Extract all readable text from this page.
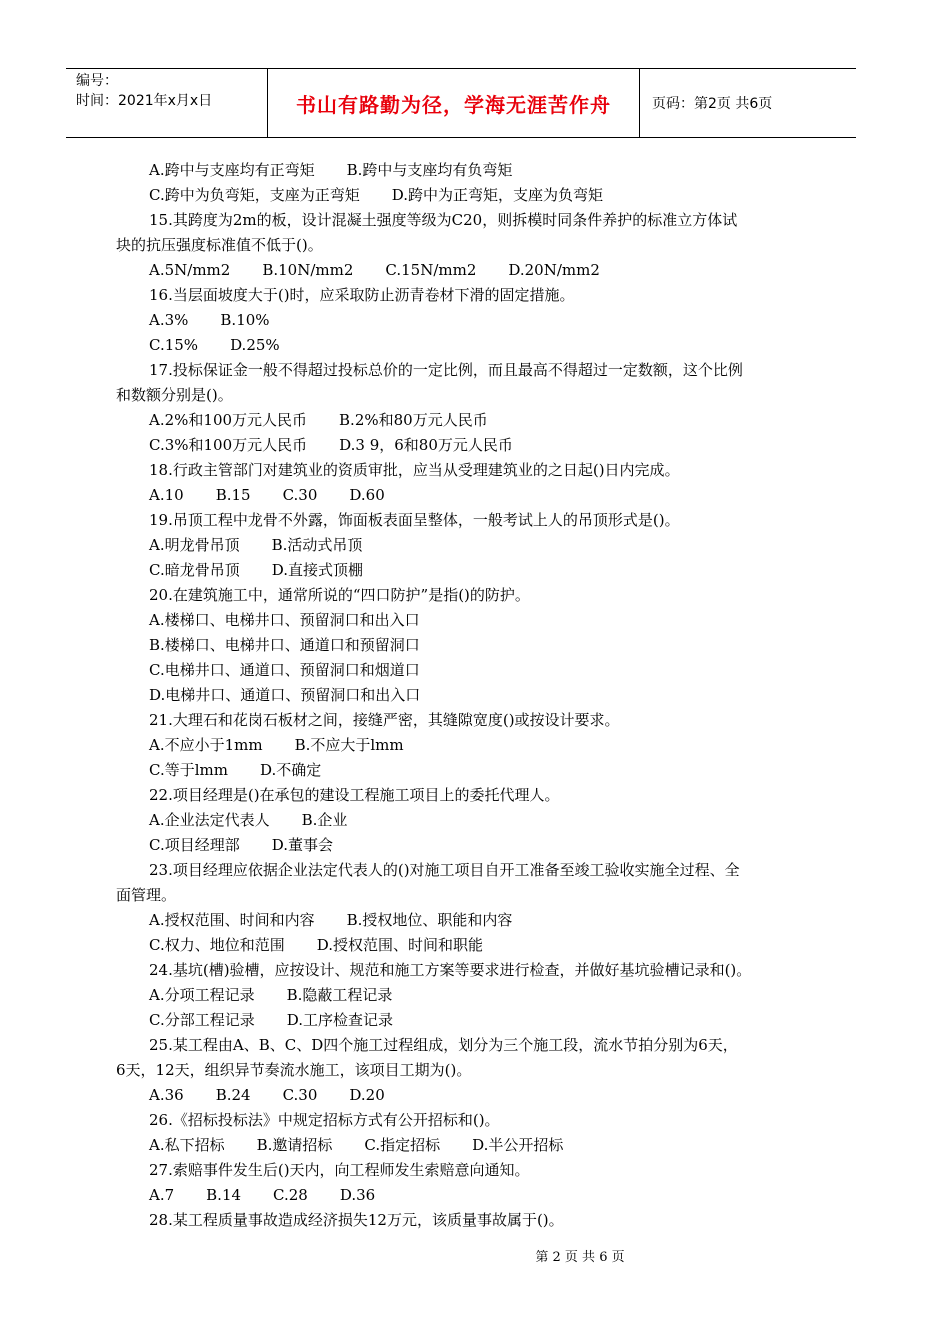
编号：
时间：2021年x月x日	书山有路勤为径，学海无涯苦作舟	页码：第2页 共6页
A.跨中与支座均有正弯矩 B.跨中与支座均有负弯矩
C.跨中为负弯矩，支座为正弯矩 D.跨中为正弯矩，支座为负弯矩
15.其跨度为2m的板，设计混凝土强度等级为C20，则拆模时同条件养护的标准立方体试
块的抗压强度标准值不低于()。
A.5N/mm2 B.10N/mm2 C.15N/mm2 D.20N/mm2
16.当层面坡度大于()时，应采取防止沥青卷材下滑的固定措施。
A.3% B.10%
C.15% D.25%
17.投标保证金一般不得超过投标总价的一定比例，而且最高不得超过一定数额，这个比例
和数额分别是()。
A.2%和100万元人民币 B.2%和80万元人民币
C.3%和100万元人民币 D.3 9，6和80万元人民币
18.行政主管部门对建筑业的资质审批，应当从受理建筑业的之日起()日内完成。
A.10 B.15 C.30 D.60
19.吊顶工程中龙骨不外露，饰面板表面呈整体，一般考试上人的吊顶形式是()。
A.明龙骨吊顶 B.活动式吊顶
C.暗龙骨吊顶 D.直接式顶棚
20.在建筑施工中，通常所说的“四口防护”是指()的防护。
A.楼梯口、电梯井口、预留洞口和出入口
B.楼梯口、电梯井口、通道口和预留洞口
C.电梯井口、通道口、预留洞口和烟道口
D.电梯井口、通道口、预留洞口和出入口
21.大理石和花岗石板材之间，接缝严密，其缝隙宽度()或按设计要求。
A.不应小于1mm B.不应大于lmm
C.等于lmm D.不确定
22.项目经理是()在承包的建设工程施工项目上的委托代理人。
A.企业法定代表人 B.企业
C.项目经理部 D.董事会
23.项目经理应依据企业法定代表人的()对施工项目自开工准备至竣工验收实施全过程、全
面管理。
A.授权范围、时间和内容 B.授权地位、职能和内容
C.权力、地位和范围 D.授权范围、时间和职能
24.基坑(槽)验槽，应按设计、规范和施工方案等要求进行检查，并做好基坑验槽记录和()。
A.分项工程记录 B.隐蔽工程记录
C.分部工程记录 D.工序检查记录
25.某工程由A、B、C、D四个施工过程组成，划分为三个施工段，流水节拍分别为6天，
6天，12天，组织异节奏流水施工，该项目工期为()。
A.36 B.24 C.30 D.20
26.《招标投标法》中规定招标方式有公开招标和()。
A.私下招标 B.邀请招标 C.指定招标 D.半公开招标
27.索赔事件发生后()天内，向工程师发生索赔意向通知。
A.7 B.14 C.28 D.36
28.某工程质量事故造成经济损失12万元，该质量事故属于()。
第 2 页 共 6 页
